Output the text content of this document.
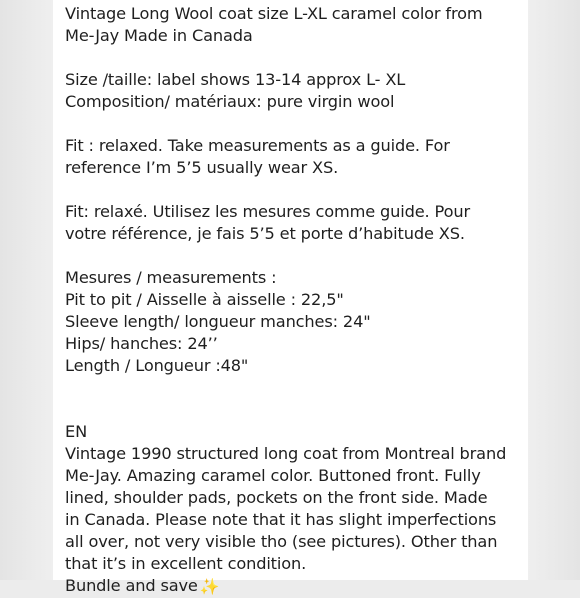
Vintage Long Wool coat size L-XL caramel color from
Me-Jay Made in Canada
Size /taille: label shows 13-14 approx L- XL
Composition/ matériaux: pure virgin wool
Fit : relaxed. Take measurements as a guide. For
reference I’m 5’5 usually wear XS.
Fit: relaxé. Utilisez les mesures comme guide. Pour
votre référence, je fais 5’5 et porte d’habitude XS.
Mesures / measurements :
Pit to pit / Aisselle à aisselle : 22,5"
Sleeve length/ longueur manches: 24"
Hips/ hanches: 24’’
Length / Longueur :48"
EN
Vintage 1990 structured long coat from Montreal brand
Me-Jay. Amazing caramel color. Buttoned front. Fully
lined, shoulder pads, pockets on the front side. Made
in Canada. Please note that it has slight imperfections
all over, not very visible tho (see pictures). Other than
that it’s in excellent condition.
Bundle and save ✨
